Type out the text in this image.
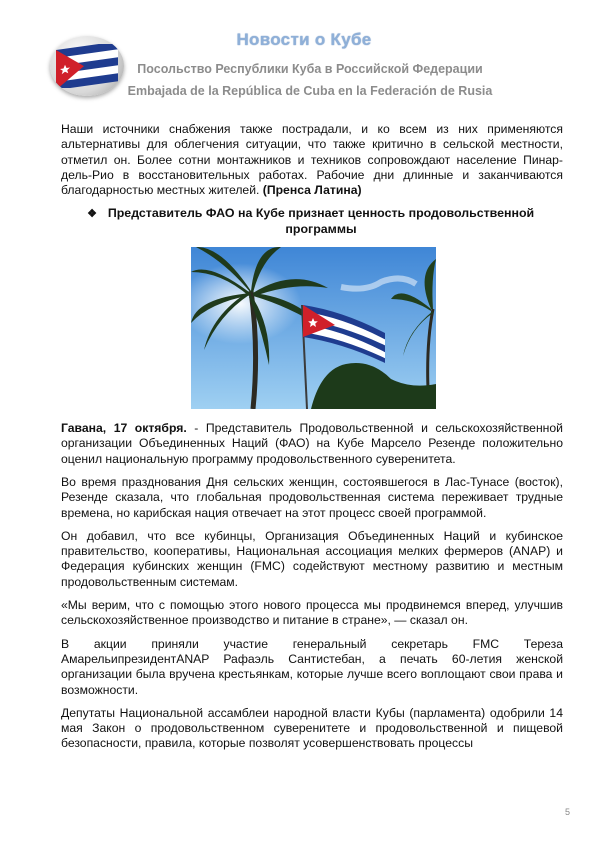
Новости о Кубе
Посольство Республики Куба в Российской Федерации
Embajada de la República de Cuba en la Federación de Rusia

Наши источники снабжения также пострадали, и ко всем из них применяются альтернативы для облегчения ситуации, что также критично в сельской местности, отметил он. Более сотни монтажников и техников сопровождают население Пинар-дель-Рио в восстановительных работах. Рабочие дни длинные и заканчиваются благодарностью местных жителей. (Пренса Латина)

❖ Представитель ФАО на Кубе признает ценность продовольственной программы

Гавана, 17 октября. - Представитель Продовольственной и сельскохозяйственной организации Объединенных Наций (ФАО) на Кубе Марсело Резенде положительно оценил национальную программу продовольственного суверенитета.

Во время празднования Дня сельских женщин, состоявшегося в Лас-Тунасе (восток), Резенде сказала, что глобальная продовольственная система переживает трудные времена, но карибская нация отвечает на этот процесс своей программой.

Он добавил, что все кубинцы, Организация Объединенных Наций и кубинское правительство, кооперативы, Национальная ассоциация мелких фермеров (ANAP) и Федерация кубинских женщин (FMC) содействуют местному развитию и местным продовольственным системам.

«Мы верим, что с помощью этого нового процесса мы продвинемся вперед, улучшив сельскохозяйственное производство и питание в стране», — сказал он.

В акции приняли участие генеральный секретарь FMC Тереза АмарельипрезидентANAP Рафаэль Сантистебан, а печать 60-летия женской организации была вручена крестьянкам, которые лучше всего воплощают свои права и возможности.

Депутаты Национальной ассамблеи народной власти Кубы (парламента) одобрили 14 мая Закон о продовольственном суверенитете и продовольственной и пищевой безопасности, правила, которые позволят усовершенствовать процессы

5
